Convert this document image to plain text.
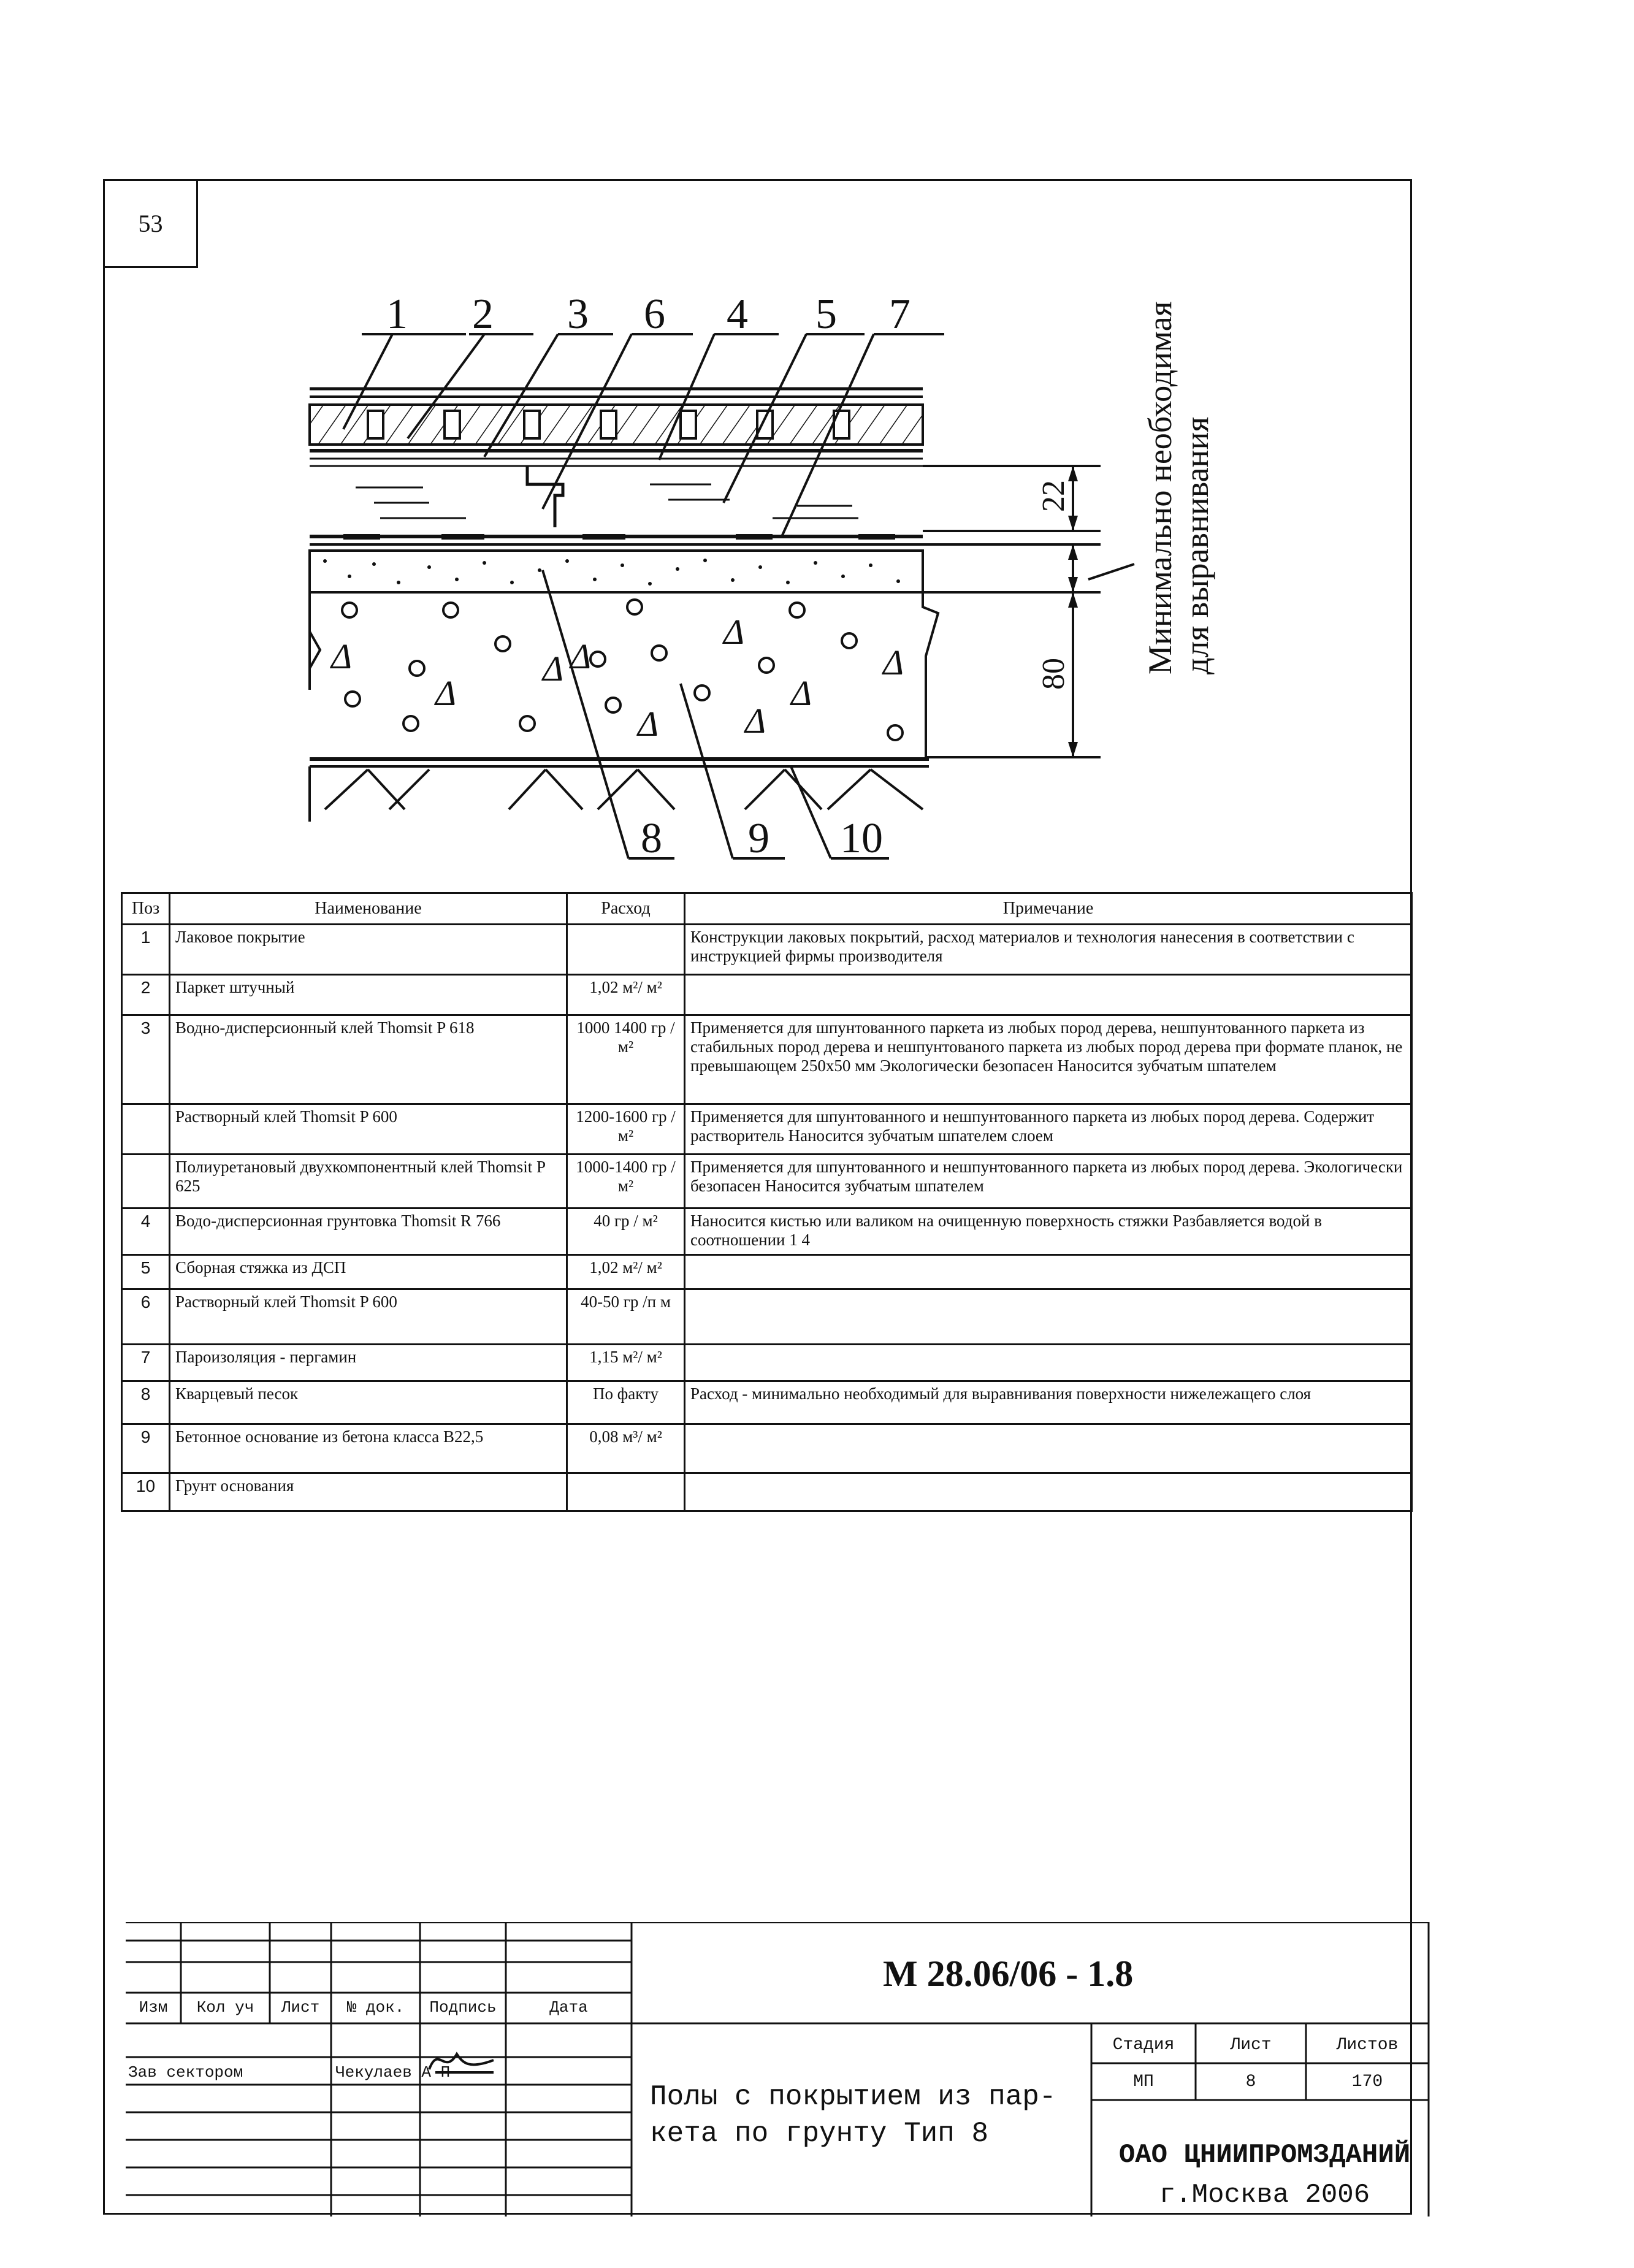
53
Δ
Δ
Δ Δ
Δ
Δ
Δ
Δ
Δ
1 2 3 6 4 5 7
8 9 10
22
80 Минимально необходимая для выравнивания
Поз	Наименование	Расход	Примечание
1	Лаковое покрытие		Конструкции лаковых покрытий, расход материалов и технология нанесения в соответствии с инструкцией фирмы производителя
2	Паркет штучный	1,02 м²/ м²	
3	Водно-дисперсионный клей Thomsit P 618	1000 1400 гр / м²	Применяется для шпунтованного паркета из любых пород дерева, нешпунтованного паркета из стабильных пород дерева и нешпунтованого паркета из любых пород дерева при формате планок, не превышающем 250х50 мм Экологически безопасен Наносится зубчатым шпателем
	Растворный клей Thomsit P 600	1200-1600 гр / м²	Применяется для шпунтованного и нешпунтованного паркета из любых пород дерева. Содержит растворитель Наносится зубчатым шпателем слоем
	Полиуретановый двухкомпонентный клей Thomsit P 625	1000-1400 гр / м²	Применяется для шпунтованного и нешпунтованного паркета из любых пород дерева. Экологически безопасен Наносится зубчатым шпателем
4	Водо-дисперсионная грунтовка Thomsit R 766	40 гр / м²	Наносится кистью или валиком на очищенную поверхность стяжки Разбавляется водой в соотношении 1 4
5	Сборная стяжка из ДСП	1,02 м²/ м²	
6	Растворный клей Thomsit P 600	40-50 гр /п м	
7	Пароизоляция - пергамин	1,15 м²/ м²	
8	Кварцевый песок	По факту	Расход - минимально необходимый для выравнивания поверхности нижележащего слоя
9	Бетонное основание из бетона класса В22,5	0,08 м³/ м²	
10	Грунт основания		
М 28.06/06 - 1.8
Изм	Кол уч	Лист	№ док.	Подпись	Дата
Зав сектором	Чекулаев А П
Полы с покрытием из пар-
кета по грунту Тип 8
Стадия	Лист	Листов
МП	8	170
ОАО ЦНИИПРОМЗДАНИЙ
г.Москва 2006
